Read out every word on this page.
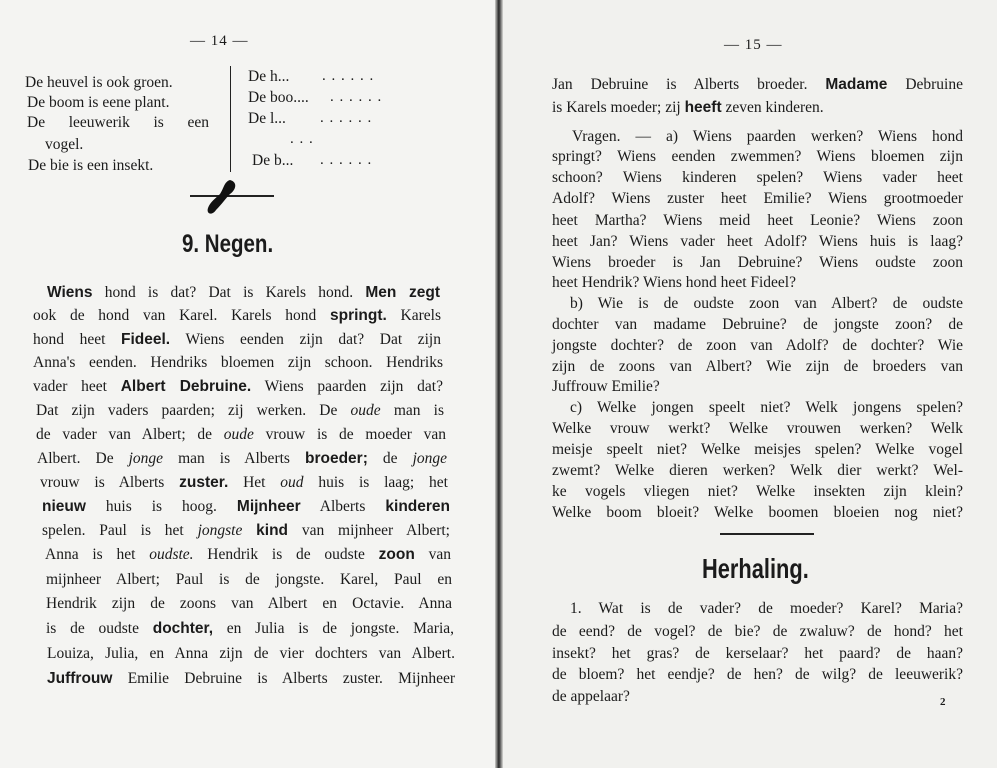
— 14 —
De heuvel is ook groen.
De boom is eene plant.
De leeuwerik is een
vogel.
De bie is een insekt.
De h...
De boo....
De l...
De b...
. . . . . .
. . . . . .
. . . . . .
. . .
. . . . . .
9. Negen.
Wiens hond is dat? Dat is Karels hond. Men zegt
ook de hond van Karel. Karels hond springt. Karels
hond heet Fideel. Wiens eenden zijn dat? Dat zijn
Anna's eenden. Hendriks bloemen zijn schoon. Hendriks
vader heet Albert Debruine. Wiens paarden zijn dat?
Dat zijn vaders paarden; zij werken. De oude man is
de vader van Albert; de oude vrouw is de moeder van
Albert. De jonge man is Alberts broeder; de jonge
vrouw is Alberts zuster. Het oud huis is laag; het
nieuw huis is hoog. Mijnheer Alberts kinderen
spelen. Paul is het jongste kind van mijnheer Albert;
Anna is het oudste. Hendrik is de oudste zoon van
mijnheer Albert; Paul is de jongste. Karel, Paul en
Hendrik zijn de zoons van Albert en Octavie. Anna
is de oudste dochter, en Julia is de jongste. Maria,
Louiza, Julia, en Anna zijn de vier dochters van Albert.
Juffrouw Emilie Debruine is Alberts zuster. Mijnheer
— 15 —
Jan Debruine is Alberts broeder. Madame Debruine
is Karels moeder; zij heeft zeven kinderen.
Vragen. — a) Wiens paarden werken? Wiens hond
springt? Wiens eenden zwemmen? Wiens bloemen zijn
schoon? Wiens kinderen spelen? Wiens vader heet
Adolf? Wiens zuster heet Emilie? Wiens grootmoeder
heet Martha? Wiens meid heet Leonie? Wiens zoon
heet Jan? Wiens vader heet Adolf? Wiens huis is laag?
Wiens broeder is Jan Debruine? Wiens oudste zoon
heet Hendrik? Wiens hond heet Fideel?
b) Wie is de oudste zoon van Albert? de oudste
dochter van madame Debruine? de jongste zoon? de
jongste dochter? de zoon van Adolf? de dochter? Wie
zijn de zoons van Albert? Wie zijn de broeders van
Juffrouw Emilie?
c) Welke jongen speelt niet? Welk jongens spelen?
Welke vrouw werkt? Welke vrouwen werken? Welk
meisje speelt niet? Welke meisjes spelen? Welke vogel
zwemt? Welke dieren werken? Welk dier werkt? Wel-
ke vogels vliegen niet? Welke insekten zijn klein?
Welke boom bloeit? Welke boomen bloeien nog niet?
Herhaling.
1. Wat is de vader? de moeder? Karel? Maria?
de eend? de vogel? de bie? de zwaluw? de hond? het
insekt? het gras? de kerselaar? het paard? de haan?
de bloem? het eendje? de hen? de wilg? de leeuwerik?
de appelaar?	2
